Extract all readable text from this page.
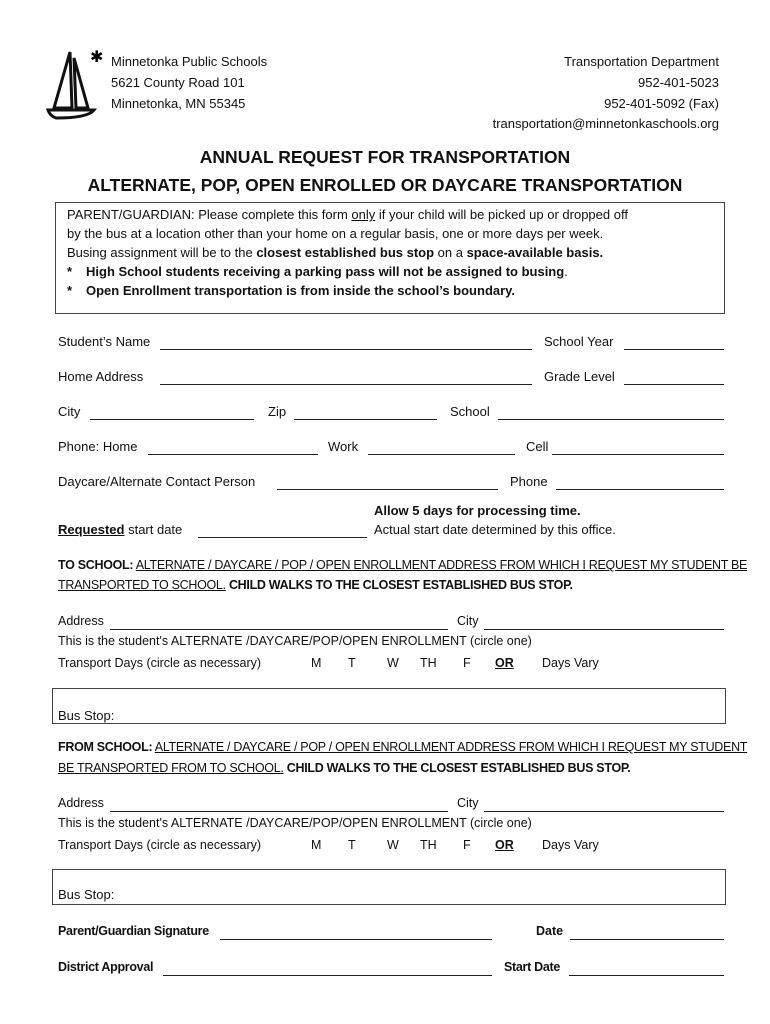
✱ Minnetonka Public Schools
5621 County Road 101
Minnetonka, MN 55345
Transportation Department
952-401-5023
952-401-5092 (Fax)
transportation@minnetonkaschools.org
ANNUAL REQUEST FOR TRANSPORTATION
ALTERNATE, POP, OPEN ENROLLED OR DAYCARE TRANSPORTATION
PARENT/GUARDIAN: Please complete this form only if your child will be picked up or dropped off
by the bus at a location other than your home on a regular basis, one or more days per week.
Busing assignment will be to the closest established bus stop on a space-available basis.
* High School students receiving a parking pass will not be assigned to busing.
* Open Enrollment transportation is from inside the school’s boundary.
Student’s Name	School Year
Home Address	Grade Level
City	Zip	School
Phone: Home	Work	Cell
Daycare/Alternate Contact Person	Phone
Allow 5 days for processing time.
Requested start date	Actual start date determined by this office.
TO SCHOOL: ALTERNATE / DAYCARE / POP / OPEN ENROLLMENT ADDRESS FROM WHICH I REQUEST MY STUDENT BE
TRANSPORTED TO SCHOOL. CHILD WALKS TO THE CLOSEST ESTABLISHED BUS STOP.
Address	City
This is the student's ALTERNATE /DAYCARE/POP/OPEN ENROLLMENT (circle one)
Transport Days (circle as necessary)	M T	W TH F OR Days Vary
Bus Stop:
FROM SCHOOL: ALTERNATE / DAYCARE / POP / OPEN ENROLLMENT ADDRESS FROM WHICH I REQUEST MY STUDENT
BE TRANSPORTED FROM TO SCHOOL. CHILD WALKS TO THE CLOSEST ESTABLISHED BUS STOP.
Address	City
This is the student's ALTERNATE /DAYCARE/POP/OPEN ENROLLMENT (circle one)
Transport Days (circle as necessary)	M T	W TH F OR Days Vary
Bus Stop:
Parent/Guardian Signature	Date
District Approval	Start Date
